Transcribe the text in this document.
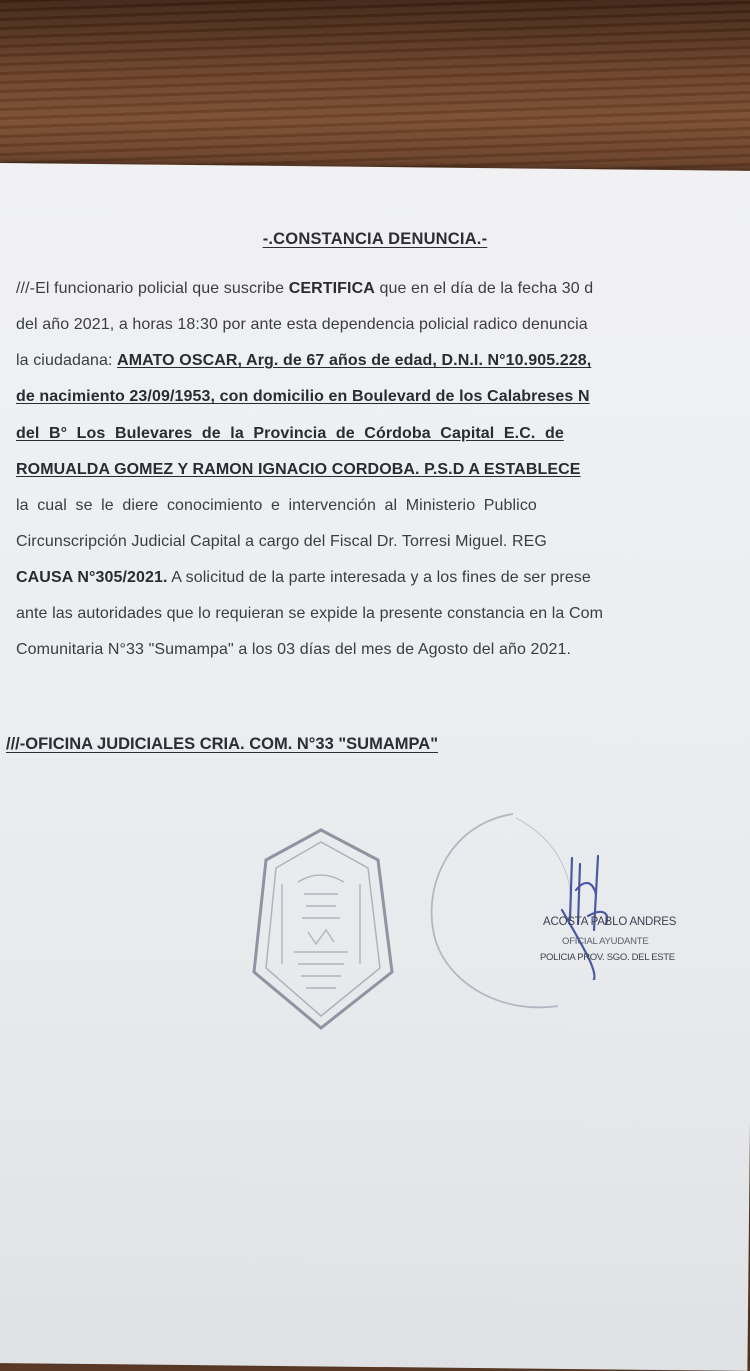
-.CONSTANCIA DENUNCIA.-
///-El funcionario policial que suscribe CERTIFICA que en el día de la fecha 30 d
del año 2021, a horas 18:30 por ante esta dependencia policial radico denuncia
la ciudadana: AMATO OSCAR, Arg. de 67 años de edad, D.N.I. N°10.905.228,
de nacimiento 23/09/1953, con domicilio en Boulevard de los Calabreses N
del B° Los Bulevares de la Provincia de Córdoba Capital E.C. de
ROMUALDA GOMEZ Y RAMON IGNACIO CORDOBA. P.S.D A ESTABLECE
la cual se le diere conocimiento e intervención al Ministerio Publico
Circunscripción Judicial Capital a cargo del Fiscal Dr. Torresi Miguel. REG
CAUSA N°305/2021. A solicitud de la parte interesada y a los fines de ser prese
ante las autoridades que lo requieran se expide la presente constancia en la Com
Comunitaria N°33 "Sumampa" a los 03 días del mes de Agosto del año 2021.
///-OFICINA JUDICIALES CRIA. COM. N°33 "SUMAMPA"
ACOSTA PABLO ANDRES
OFICIAL AYUDANTE
POLICIA PROV. SGO. DEL ESTE
